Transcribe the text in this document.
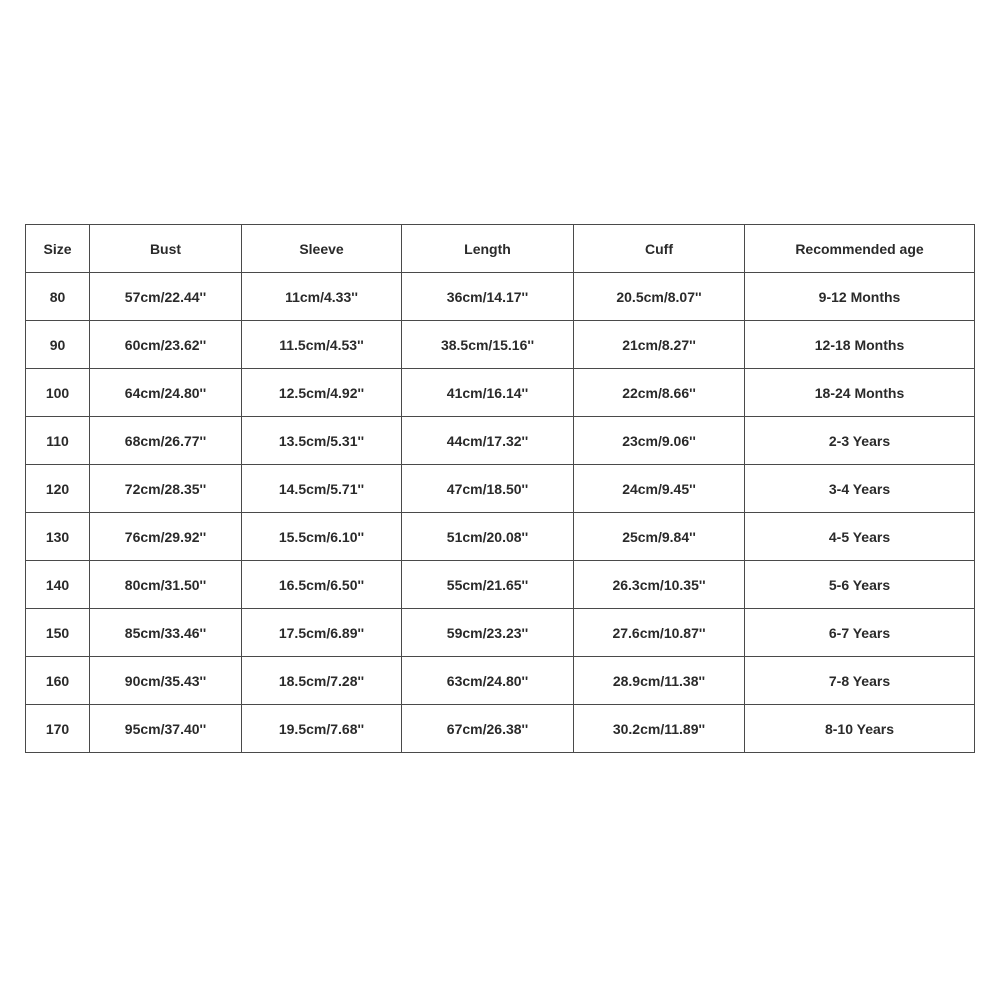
Size	Bust	Sleeve	Length	Cuff	Recommended age
80	57cm/22.44''	11cm/4.33''	36cm/14.17''	20.5cm/8.07''	9-12 Months
90	60cm/23.62''	11.5cm/4.53''	38.5cm/15.16''	21cm/8.27''	12-18 Months
100	64cm/24.80''	12.5cm/4.92''	41cm/16.14''	22cm/8.66''	18-24 Months
110	68cm/26.77''	13.5cm/5.31''	44cm/17.32''	23cm/9.06''	2-3 Years
120	72cm/28.35''	14.5cm/5.71''	47cm/18.50''	24cm/9.45''	3-4 Years
130	76cm/29.92''	15.5cm/6.10''	51cm/20.08''	25cm/9.84''	4-5 Years
140	80cm/31.50''	16.5cm/6.50''	55cm/21.65''	26.3cm/10.35''	5-6 Years
150	85cm/33.46''	17.5cm/6.89''	59cm/23.23''	27.6cm/10.87''	6-7 Years
160	90cm/35.43''	18.5cm/7.28''	63cm/24.80''	28.9cm/11.38''	7-8 Years
170	95cm/37.40''	19.5cm/7.68''	67cm/26.38''	30.2cm/11.89''	8-10 Years
